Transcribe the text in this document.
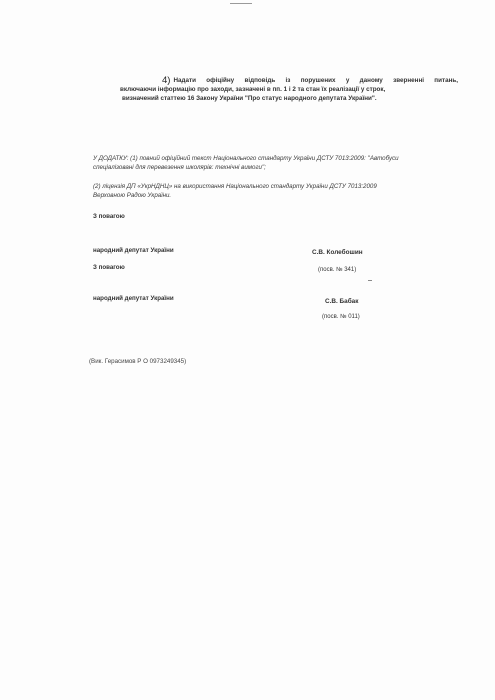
4) Надати офіційну відповідь із порушених у даному зверненні питань,
включаючи інформацію про заходи, зазначені в пп. 1 і 2 та стан їх реалізації у строк,
визначений статтею 16 Закону України "Про статус народного депутата України".
У ДОДАТКУ: (1) повний офіційний текст Національного стандарту України ДСТУ 7013:2009: "Автобуси
спеціалізовані для перевезення школярів: технічні вимоги";
(2) ліцензія ДП «УкрНДНЦ» на використання Національного стандарту України ДСТУ 7013:2009
Верховною Радою України.
З повагою
народний депутат України	С.В. Колебошин
(посв. № 341)
З повагою
народний депутат України	С.В. Бабак
(посв. № 011)
(Вик. Герасимов Р О 0973249345)
